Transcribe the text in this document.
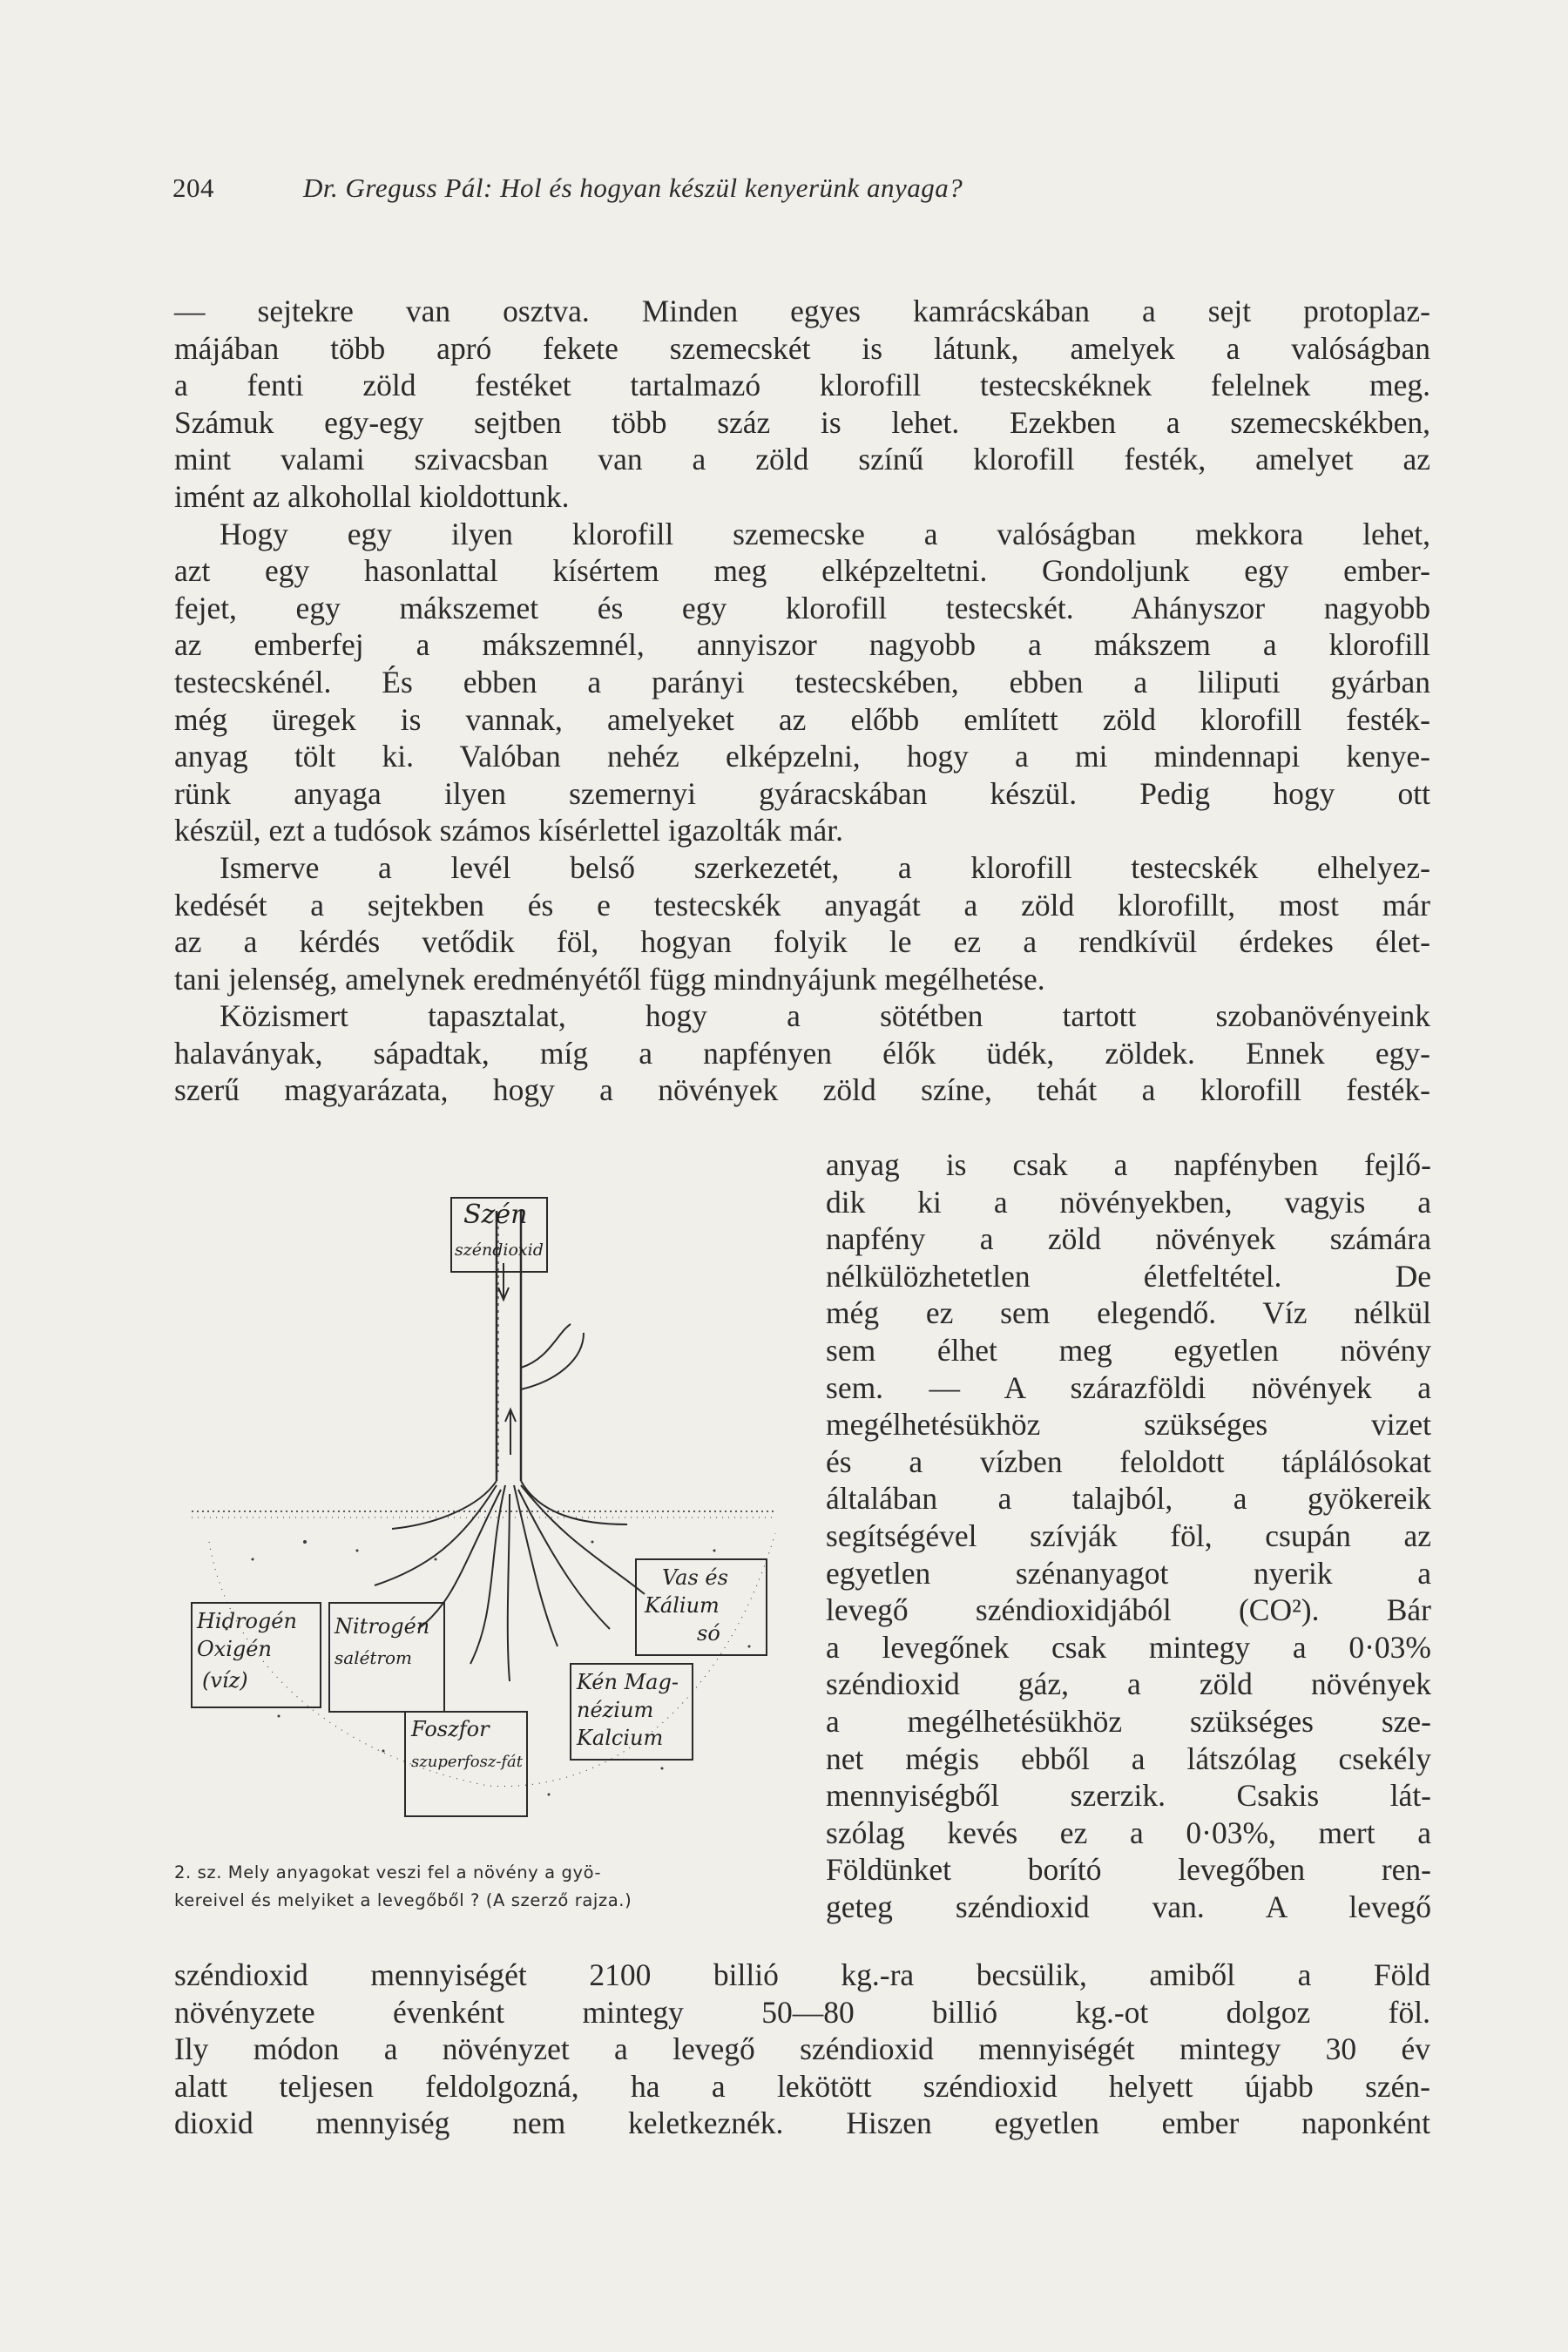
204	Dr. Greguss Pál: Hol és hogyan készül kenyerünk anyaga?
— sejtekre van osztva. Minden egyes kamrácskában a sejt protoplaz-
májában több apró fekete szemecskét is látunk, amelyek a valóságban
a fenti zöld festéket tartalmazó klorofill testecskéknek felelnek meg.
Számuk egy-egy sejtben több száz is lehet. Ezekben a szemecskékben,
mint valami szivacsban van a zöld színű klorofill festék, amelyet az
imént az alkohollal kioldottunk.
Hogy egy ilyen klorofill szemecske a valóságban mekkora lehet,
azt egy hasonlattal kísértem meg elképzeltetni. Gondoljunk egy ember-
fejet, egy mákszemet és egy klorofill testecskét. Ahányszor nagyobb
az emberfej a mákszemnél, annyiszor nagyobb a mákszem a klorofill
testecskénél. És ebben a parányi testecskében, ebben a liliputi gyárban
még üregek is vannak, amelyeket az előbb említett zöld klorofill festék-
anyag tölt ki. Valóban nehéz elképzelni, hogy a mi mindennapi kenye-
rünk anyaga ilyen szemernyi gyáracskában készül. Pedig hogy ott
készül, ezt a tudósok számos kísérlettel igazolták már.
Ismerve a levél belső szerkezetét, a klorofill testecskék elhelyez-
kedését a sejtekben és e testecskék anyagát a zöld klorofillt, most már
az a kérdés vetődik föl, hogyan folyik le ez a rendkívül érdekes élet-
tani jelenség, amelynek eredményétől függ mindnyájunk megélhetése.
Közismert tapasztalat, hogy a sötétben tartott szobanövényeink
halaványak, sápadtak, míg a napfényen élők üdék, zöldek. Ennek egy-
szerű magyarázata, hogy a növények zöld színe, tehát a klorofill festék-
Szén
széndioxid
Hidrogén
Oxigén
(víz)
Nitrogén
salétrom
Foszfor
szuperfosz-fát
Vas és
Kálium
só
Kén Mag-
nézium
Kalcium
2. sz. Mely anyagokat veszi fel a növény a gyö-
kereivel és melyiket a levegőből ? (A szerző rajza.)
anyag is csak a napfényben fejlő-
dik ki a növényekben, vagyis a
napfény a zöld növények számára
nélkülözhetetlen életfeltétel. De
még ez sem elegendő. Víz nélkül
sem élhet meg egyetlen növény
sem. — A szárazföldi növények a
megélhetésükhöz szükséges vizet
és a vízben feloldott táplálósokat
általában a talajból, a gyökereik
segítségével szívják föl, csupán az
egyetlen szénanyagot nyerik a
levegő széndioxidjából (CO²). Bár
a levegőnek csak mintegy a 0·03%
széndioxid gáz, a zöld növények
a megélhetésükhöz szükséges sze-
net mégis ebből a látszólag csekély
mennyiségből szerzik. Csakis lát-
szólag kevés ez a 0·03%, mert a
Földünket borító levegőben ren-
geteg széndioxid van. A levegő
széndioxid mennyiségét 2100 billió kg.-ra becsülik, amiből a Föld
növényzete évenként mintegy 50—80 billió kg.-ot dolgoz föl.
Ily módon a növényzet a levegő széndioxid mennyiségét mintegy 30 év
alatt teljesen feldolgozná, ha a lekötött széndioxid helyett újabb szén-
dioxid mennyiség nem keletkeznék. Hiszen egyetlen ember naponként
